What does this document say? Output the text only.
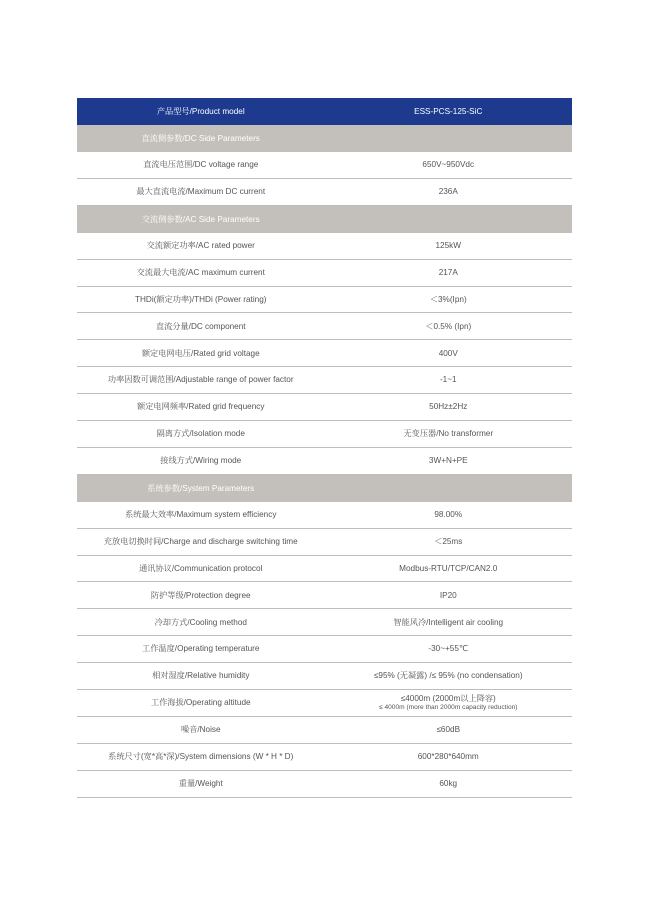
产品型号/Product model	ESS-PCS-125-SiC
直流侧参数/DC Side Parameters
直流电压范围/DC voltage range	650V~950Vdc
最大直流电流/Maximum DC current	236A
交流侧参数/AC Side Parameters
交流额定功率/AC rated power	125kW
交流最大电流/AC maximum current	217A
THDi(额定功率)/THDi (Power rating)	＜3%(Ipn)
直流分量/DC component	＜0.5% (Ipn)
额定电网电压/Rated grid voltage	400V
功率因数可调范围/Adjustable range of power factor	-1~1
额定电网频率/Rated grid frequency	50Hz±2Hz
隔离方式/Isolation mode	无变压器/No transformer
接线方式/Wiring mode	3W+N+PE
系统参数/System Parameters
系统最大效率/Maximum system efficiency	98.00%
充放电切换时间/Charge and discharge switching time	＜25ms
通讯协议/Communication protocol	Modbus-RTU/TCP/CAN2.0
防护等级/Protection degree	IP20
冷却方式/Cooling method	智能风冷/Intelligent air cooling
工作温度/Operating temperature	-30~+55℃
相对湿度/Relative humidity	≤95% (无凝露) /≤ 95% (no condensation)
工作海拔/Operating altitude	≤4000m (2000m以上降容)
≤ 4000m (more than 2000m capacity reduction)
噪音/Noise	≤60dB
系统尺寸(宽*高*深)/System dimensions (W * H * D)	600*280*640mm
重量/Weight	60kg
